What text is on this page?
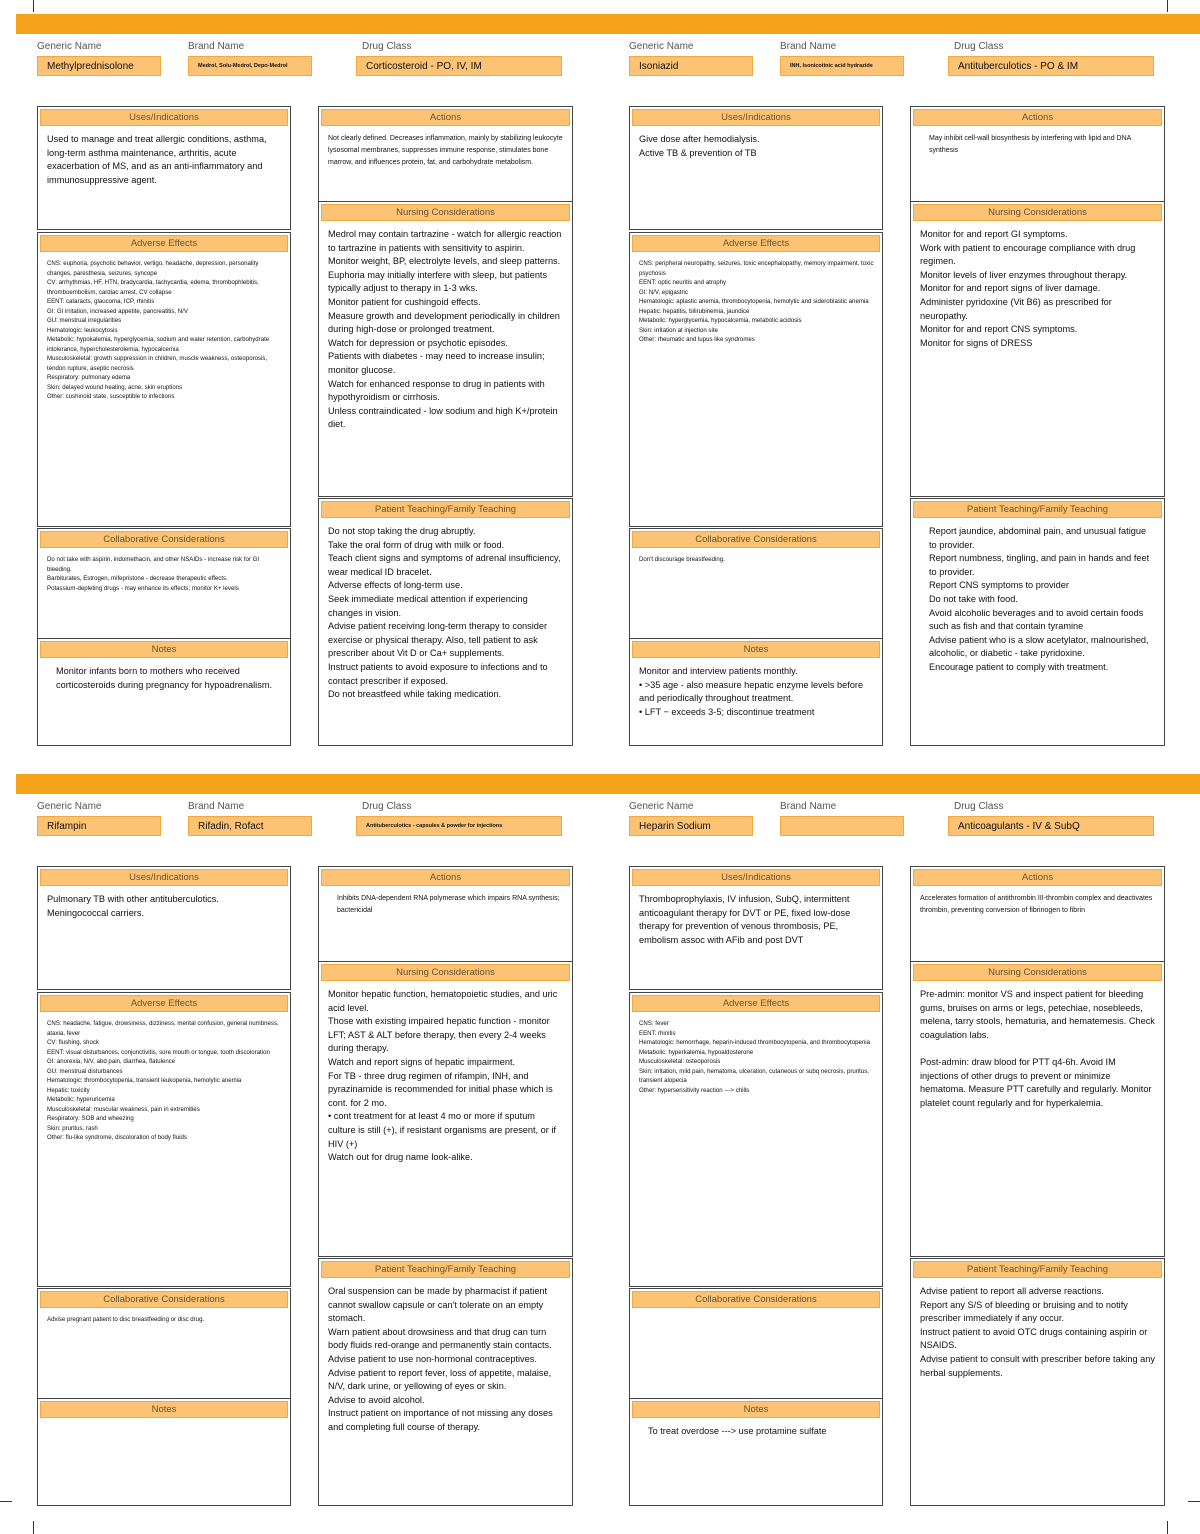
Generic Name
Methylprednisolone
Brand Name
Medrol, Solu-Medrol, Depo-Medrol
Drug Class
Corticosteroid - PO, IV, IM
Uses/Indications
Used to manage and treat allergic conditions, asthma, long-term asthma maintenance, arthritis, acute exacerbation of MS, and as an anti-inflammatory and immunosuppressive agent.
Actions
Not clearly defined. Decreases inflammation, mainly by stabilizing leukocyte lysosomal membranes, suppresses immune response, stimulates bone marrow, and influences protein, fat, and carbohydrate metabolism.
Adverse Effects
CNS: euphoria, psychotic behavior, vertigo, headache, depression, personality changes, paresthesia, seizures, syncope
CV: arrhythmias, HF, HTN, bradycardia, tachycardia, edema, thrombophlebitis, thromboembolism, cardiac arrest, CV collapse
EENT: cataracts, glaucoma, ICP, rhinitis
GI: GI irritation, increased appetite, pancreatitis, N/V
GU: menstrual irregularities
Hematologic: leukocytosis
Metabolic: hypokalemia, hyperglycemia, sodium and water retention, carbohydrate intolerance, hypercholesterolemia, hypocalcemia
Musculoskeletal: growth suppression in children, muscle weakness, osteoporosis, tendon rupture, aseptic necrosis
Respiratory: pulmonary edema
Skin: delayed wound healing, acne, skin eruptions
Other: cushinoid state, susceptible to infections
Nursing Considerations
Medrol may contain tartrazine - watch for allergic reaction to tartrazine in patients with sensitivity to aspirin.
Monitor weight, BP, electrolyte levels, and sleep patterns. Euphoria may initially interfere with sleep, but patients typically adjust to therapy in 1-3 wks.
Monitor patient for cushingoid effects.
Measure growth and development periodically in children during high-dose or prolonged treatment.
Watch for depression or psychotic episodes.
Patients with diabetes - may need to increase insulin; monitor glucose.
Watch for enhanced response to drug in patients with hypothyroidism or cirrhosis.
Unless contraindicated - low sodium and high K+/protein diet.
Collaborative Considerations
Do not take with aspirin, indomethacin, and other NSAIDs - increase risk for GI bleeding.
Barbiturates, Estrogen, mifepristone - decrease therapeutic effects.
Potassium-depleting drugs - may enhance its effects; monitor K+ levels
Notes
Monitor infants born to mothers who received corticosteroids during pregnancy for hypoadrenalism.
Patient Teaching/Family Teaching
Do not stop taking the drug abruptly.
Take the oral form of drug with milk or food.
Teach client signs and symptoms of adrenal insufficiency, wear medical ID bracelet.
Adverse effects of long-term use.
Seek immediate medical attention if experiencing changes in vision.
Advise patient receiving long-term therapy to consider exercise or physical therapy. Also, tell patient to ask prescriber about Vit D or Ca+ supplements.
Instruct patients to avoid exposure to infections and to contact prescriber if exposed.
Do not breastfeed while taking medication.
Generic Name
Isoniazid
Brand Name
INH, Isonicotinic acid hydrazide
Drug Class
Antituberculotics - PO & IM
Uses/Indications
Give dose after hemodialysis.
Active TB & prevention of TB
Actions
May inhibit cell-wall biosynthesis by interfering with lipid and DNA synthesis
Adverse Effects
CNS: peripheral neuropathy, seizures, toxic encephalopathy, memory impairment, toxic psychosis
EENT: optic neuritis and atrophy
GI: N/V, epigastric
Hematologic: aplastic anemia, thrombocytopenia, hemolytic and sideroblastic anemia
Hepatic: hepatitis, bilirubinemia, jaundice
Metabolic: hyperglycemia, hypocalcemia, metabolic acidosis
Skin: irritation at injection site
Other: rheumatic and lupus like syndromes
Nursing Considerations
Monitor for and report GI symptoms.
Work with patient to encourage compliance with drug regimen.
Monitor levels of liver enzymes throughout therapy.
Monitor for and report signs of liver damage.
Administer pyridoxine (Vit B6) as prescribed for neuropathy.
Monitor for and report CNS symptoms.
Monitor for signs of DRESS
Collaborative Considerations
Don't discourage breastfeeding.
Notes
Monitor and interview patients monthly.
• >35 age - also measure hepatic enzyme levels before and periodically throughout treatment.
• LFT − exceeds 3-5; discontinue treatment
Patient Teaching/Family Teaching
Report jaundice, abdominal pain, and unusual fatigue to provider.
Report numbness, tingling, and pain in hands and feet to provider.
Report CNS symptoms to provider
Do not take with food.
Avoid alcoholic beverages and to avoid certain foods such as fish and that contain tyramine
Advise patient who is a slow acetylator, malnourished, alcoholic, or diabetic - take pyridoxine.
Encourage patient to comply with treatment.
Generic Name
Rifampin
Brand Name
Rifadin, Rofact
Drug Class
Antituberculotics - capsules & powder for injections
Uses/Indications
Pulmonary TB with other antituberculotics.
Meningococcal carriers.
Actions
Inhibits DNA-dependent RNA polymerase which impairs RNA synthesis; bactericidal
Adverse Effects
CNS: headache, fatigue, drowsiness, dizziness, mental confusion, general numbness, ataxia, fever
CV: flushing, shock
EENT: visual disturbances, conjunctivitis, sore mouth or tongue, tooth discoloration
GI: anorexia, N/V, abd pain, diarrhea, flatulence
GU: menstrual disturbances
Hematologic: thrombocytopenia, transient leukopenia, hemolytic anemia
Hepatic: toxicity
Metabolic: hyperuricemia
Musculoskeletal: muscular weakness, pain in extremities
Respiratory: SOB and wheezing
Skin: pruritus, rash
Other: flu-like syndrome, discoloration of body fluids
Nursing Considerations
Monitor hepatic function, hematopoietic studies, and uric acid level.
Those with existing impaired hepatic function - monitor LFT; AST & ALT before therapy, then every 2-4 weeks during therapy.
Watch and report signs of hepatic impairment.
For TB - three drug regimen of rifampin, INH, and pyrazinamide is recommended for initial phase which is cont. for 2 mo.
• cont treatment for at least 4 mo or more if sputum culture is still (+), if resistant organisms are present, or if HIV (+)
Watch out for drug name look-alike.
Collaborative Considerations
Advise pregnant patient to disc breastfeeding or disc drug.
Notes
Patient Teaching/Family Teaching
Oral suspension can be made by pharmacist if patient cannot swallow capsule or can't tolerate on an empty stomach.
Warn patient about drowsiness and that drug can turn body fluids red-orange and permanently stain contacts.
Advise patient to use non-hormonal contraceptives.
Advise patient to report fever, loss of appetite, malaise, N/V, dark urine, or yellowing of eyes or skin.
Advise to avoid alcohol.
Instruct patient on importance of not missing any doses and completing full course of therapy.
Generic Name
Heparin Sodium
Brand Name	Drug Class
Anticoagulants - IV & SubQ
Uses/Indications
Thromboprophylaxis, IV infusion, SubQ, intermittent anticoagulant therapy for DVT or PE, fixed low-dose therapy for prevention of venous thrombosis, PE, embolism assoc with AFib and post DVT
Actions
Accelerates formation of antithrombin III-thrombin complex and deactivates thrombin, preventing conversion of fibrinogen to fibrin
Adverse Effects
CNS: fever
EENT: rhinitis
Hematologic: hemorrhage, heparin-induced thrombocytopenia, and thrombocytopenia
Metabolic: hyperkalemia, hypoaldosterone
Musculoskeletal: osteoporosis
Skin: irritation, mild pain, hematoma, ulceration, cutaneous or subq necrosis, pruritus, transient alopecia
Other: hypersensitivity reaction ---> chills
Nursing Considerations
Pre-admin: monitor VS and inspect patient for bleeding gums, bruises on arms or legs, petechiae, nosebleeds, melena, tarry stools, hematuria, and hematemesis. Check coagulation labs.

Post-admin: draw blood for PTT q4-6h. Avoid IM injections of other drugs to prevent or minimize hematoma. Measure PTT carefully and regularly. Monitor platelet count regularly and for hyperkalemia.
Collaborative Considerations
Notes
To treat overdose ---> use protamine sulfate
Patient Teaching/Family Teaching
Advise patient to report all adverse reactions.
Report any S/S of bleeding or bruising and to notify prescriber immediately if any occur.
Instruct patient to avoid OTC drugs containing aspirin or NSAIDS.
Advise patient to consult with prescriber before taking any herbal supplements.
